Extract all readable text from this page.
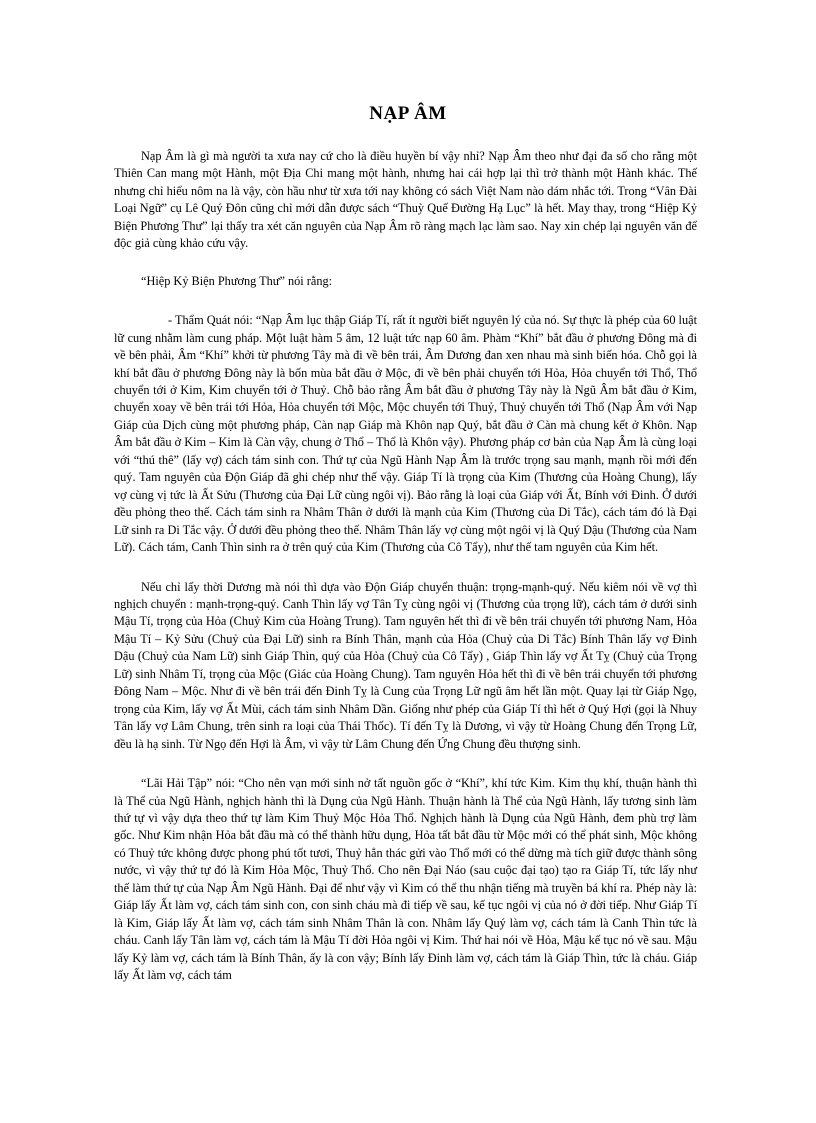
NẠP ÂM

Nạp Âm là gì mà người ta xưa nay cứ cho là điều huyền bí vậy nhỉ? Nạp Âm theo như đại đa số cho rằng một Thiên Can mang một Hành, một Địa Chi mang một hành, nhưng hai cái hợp lại thì trở thành một Hành khác. Thế nhưng chỉ hiểu nôm na là vậy, còn hầu như từ xưa tới nay không có sách Việt Nam nào dám nhắc tới. Trong “Vân Đài Loại Ngữ” cụ Lê Quý Đôn cũng chỉ mới dẫn được sách “Thuỳ Quế Đường Hạ Lục” là hết. May thay, trong “Hiệp Kỷ Biện Phương Thư” lại thấy tra xét căn nguyên của Nạp Âm rõ ràng mạch lạc làm sao. Nay xin chép lại nguyên văn để độc giả cùng khảo cứu vậy.

“Hiệp Kỷ Biện Phương Thư” nói rằng:

- Thẩm Quát nói: “Nạp Âm lục thập Giáp Tí, rất ít người biết nguyên lý của nó. Sự thực là phép của 60 luật lữ cung nhằm làm cung pháp. Một luật hàm 5 âm, 12 luật tức nạp 60 âm. Phàm “Khí” bắt đầu ở phương Đông mà đi về bên phải, Âm “Khí” khởi từ phương Tây mà đi về bên trái, Âm Dương đan xen nhau mà sinh biến hóa. Chỗ gọi là khí bắt đầu ở phương Đông này là bốn mùa bắt đầu ở Mộc, đi về bên phải chuyển tới Hỏa, Hỏa chuyển tới Thổ, Thổ chuyển tới ở Kim, Kim chuyển tới ở Thuỷ. Chỗ bảo rằng Âm bắt đầu ở phương Tây này là Ngũ Âm bắt đầu ở Kim, chuyển xoay về bên trái tới Hỏa, Hỏa chuyển tới Mộc, Mộc chuyển tới Thuỷ, Thuỷ chuyển tới Thổ (Nạp Âm với Nạp Giáp của Dịch cùng một phương pháp, Càn nạp Giáp mà Khôn nạp Quý, bắt đầu ở Càn mà chung kết ở Khôn. Nạp Âm bắt đầu ở Kim – Kim là Càn vậy, chung ở Thổ – Thổ là Khôn vậy). Phương pháp cơ bản của Nạp Âm là cùng loại với “thú thê” (lấy vợ) cách tám sinh con. Thứ tự của Ngũ Hành Nạp Âm là trước trọng sau mạnh, mạnh rồi mới đến quý. Tam nguyên của Độn Giáp đã ghi chép như thế vậy. Giáp Tí là trọng của Kim (Thương của Hoàng Chung), lấy vợ cùng vị tức là Ất Sửu (Thương của Đại Lữ cùng ngôi vị). Bảo rằng là loại của Giáp với Ất, Bính với Đinh. Ở dưới đều phỏng theo thế. Cách tám sinh ra Nhâm Thân ở dưới là mạnh của Kim (Thương của Di Tắc), cách tám đó là Đại Lữ sinh ra Di Tắc vậy. Ở dưới đều phỏng theo thế. Nhâm Thân lấy vợ cùng một ngôi vị là Quý Dậu (Thương của Nam Lữ). Cách tám, Canh Thìn sinh ra ở trên quý của Kim (Thương của Cô Tẩy), như thế tam nguyên của Kim hết.

Nếu chỉ lấy thời Dương mà nói thì dựa vào Độn Giáp chuyển thuận: trọng-mạnh-quý. Nếu kiêm nói về vợ thì nghịch chuyển : mạnh-trọng-quý. Canh Thìn lấy vợ Tân Tỵ cùng ngôi vị (Thương của trọng lữ), cách tám ở dưới sinh Mậu Tí, trọng của Hỏa (Chuỷ Kim của Hoàng Trung). Tam nguyên hết thì đi về bên trái chuyển tới phương Nam, Hỏa Mậu Tí – Kỷ Sửu (Chuỷ của Đại Lữ) sinh ra Bính Thân, mạnh của Hỏa (Chuỷ của Di Tắc) Bính Thân lấy vợ Đinh Dậu (Chuỷ của Nam Lữ) sinh Giáp Thìn, quý của Hỏa (Chuỷ của Cô Tẩy) , Giáp Thìn lấy vợ Ất Tỵ (Chuỷ của Trọng Lữ) sinh Nhâm Tí, trọng của Mộc (Giác của Hoàng Chung). Tam nguyên Hỏa hết thì đi về bên trái chuyển tới phương Đông Nam – Mộc. Như đi về bên trái đến Đinh Tỵ là Cung của Trọng Lữ ngũ âm hết lần một. Quay lại từ Giáp Ngọ, trọng của Kim, lấy vợ Ất Mùi, cách tám sinh Nhâm Dần. Giống như phép của Giáp Tí thì hết ở Quý Hợi (gọi là Nhuy Tân lấy vợ Lâm Chung, trên sinh ra loại của Thái Thốc). Tí đến Tỵ là Dương, vì vậy từ Hoàng Chung đến Trọng Lữ, đều là hạ sinh. Từ Ngọ đến Hợi là Âm, vì vậy từ Lâm Chung đến Ứng Chung đều thượng sinh.

“Lãi Hải Tập” nói: “Cho nên vạn mới sinh nở tất nguồn gốc ở “Khí”, khí tức Kim. Kim thụ khí, thuận hành thì là Thể của Ngũ Hành, nghịch hành thì là Dụng của Ngũ Hành. Thuận hành là Thể của Ngũ Hành, lấy tương sinh làm thứ tự vì vậy dựa theo thứ tự làm Kim Thuỷ Mộc Hỏa Thổ. Nghịch hành là Dụng của Ngũ Hành, đem phù trợ làm gốc. Như Kim nhận Hỏa bắt đầu mà có thể thành hữu dụng, Hỏa tất bắt đầu từ Mộc mới có thể phát sinh, Mộc không có Thuỷ tức không được phong phú tốt tươi, Thuỷ hẳn thác gửi vào Thổ mới có thể dừng mà tích giữ được thành sông nước, vì vậy thứ tự đó là Kim Hỏa Mộc, Thuỷ Thổ. Cho nên Đại Náo (sau cuộc đại tạo) tạo ra Giáp Tí, tức lấy như thế làm thứ tự của Nạp Âm Ngũ Hành. Đại để như vậy vì Kim có thể thu nhận tiếng mà truyền bá khí ra. Phép này là: Giáp lấy Ất làm vợ, cách tám sinh con, con sinh cháu mà đi tiếp về sau, kế tục ngôi vị của nó ở đời tiếp. Như Giáp Tí là Kim, Giáp lấy Ất làm vợ, cách tám sinh Nhâm Thân là con. Nhâm lấy Quý làm vợ, cách tám là Canh Thìn tức là cháu. Canh lấy Tân làm vợ, cách tám là Mậu Tí đời Hỏa ngôi vị Kim. Thứ hai nói về Hỏa, Mậu kế tục nó về sau. Mậu lấy Kỷ làm vợ, cách tám là Bính Thân, ấy là con vậy; Bính lấy Đinh làm vợ, cách tám là Giáp Thìn, tức là cháu. Giáp lấy Ất làm vợ, cách tám
